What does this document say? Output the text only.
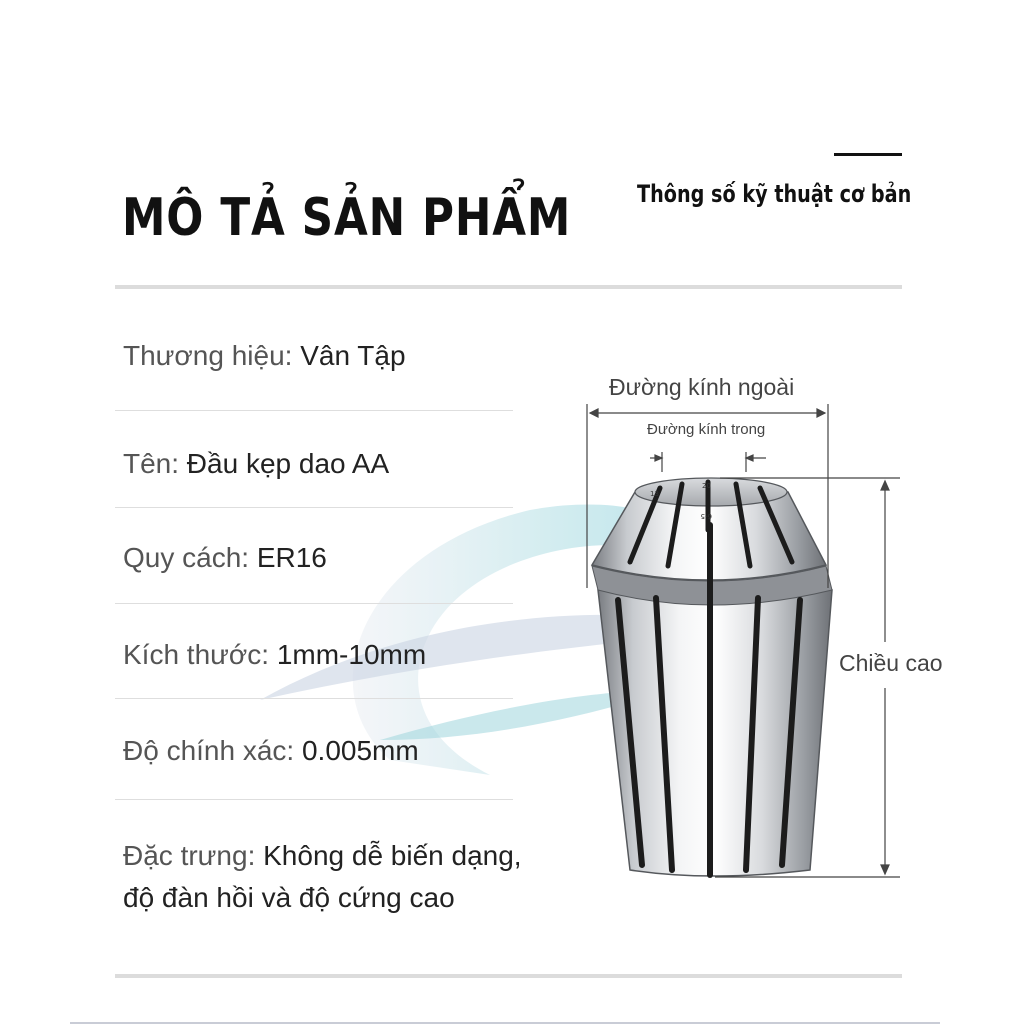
MÔ TẢ SẢN PHẨM	Thông số kỹ thuật cơ bản
Thương hiệu: Vân Tập
Tên: Đầu kẹp dao AA
Quy cách: ER16
Kích thước: 1mm-10mm
Độ chính xác: 0.005mm
Đặc trưng: Không dễ biến dạng,
độ đàn hồi và độ cứng cao
20
6-5
13
Đường kính ngoài
Đường kính trong
Chiều cao
